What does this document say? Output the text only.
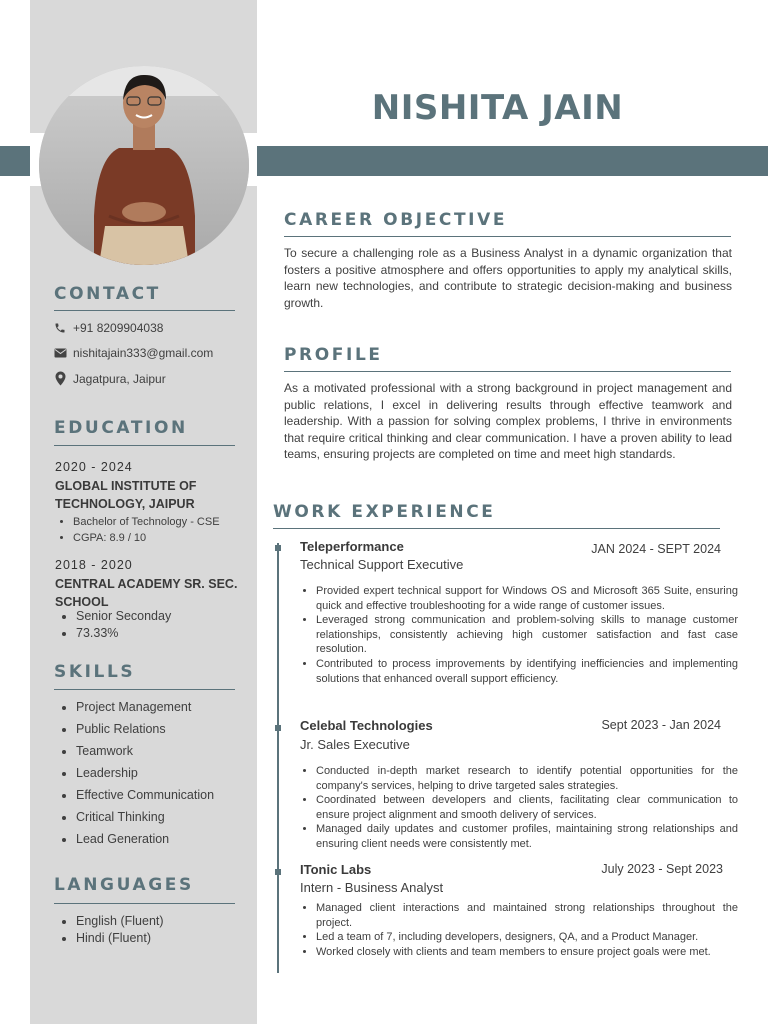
NISHITA JAIN
CONTACT
+91 8209904038
nishitajain333@gmail.com
Jagatpura, Jaipur
EDUCATION
2020 - 2024
GLOBAL INSTITUTE OF TECHNOLOGY, JAIPUR
• Bachelor of Technology - CSE
• CGPA: 8.9 / 10
2018 - 2020
CENTRAL ACADEMY SR. SEC. SCHOOL
• Senior Seconday
• 73.33%
SKILLS
• Project Management
• Public Relations
• Teamwork
• Leadership
• Effective Communication
• Critical Thinking
• Lead Generation
LANGUAGES
• English (Fluent)
• Hindi (Fluent)
CAREER OBJECTIVE

To secure a challenging role as a Business Analyst in a dynamic organization that fosters a positive atmosphere and offers opportunities to apply my analytical skills, learn new technologies, and contribute to strategic decision-making and business growth.

PROFILE

As a motivated professional with a strong background in project management and public relations, I excel in delivering results through effective teamwork and leadership. With a passion for solving complex problems, I thrive in environments that require critical thinking and clear communication. I have a proven ability to lead teams, ensuring projects are completed on time and meet high standards.

WORK EXPERIENCE
Teleperformance
Technical Support Executive
JAN 2024 - SEPT 2024
• Provided expert technical support for Windows OS and Microsoft 365 Suite, ensuring quick and effective troubleshooting for a wide range of customer issues.
• Leveraged strong communication and problem-solving skills to manage customer relationships, consistently achieving high customer satisfaction and fast case resolution.
• Contributed to process improvements by identifying inefficiencies and implementing solutions that enhanced overall support efficiency.
Celebal Technologies
Jr. Sales Executive
Sept 2023 - Jan 2024
• Conducted in-depth market research to identify potential opportunities for the company's services, helping to drive targeted sales strategies.
• Coordinated between developers and clients, facilitating clear communication to ensure project alignment and smooth delivery of services.
• Managed daily updates and customer profiles, maintaining strong relationships and ensuring client needs were consistently met.
ITonic Labs
Intern - Business Analyst
July 2023 - Sept 2023
• Managed client interactions and maintained strong relationships throughout the project.
• Led a team of 7, including developers, designers, QA, and a Product Manager.
• Worked closely with clients and team members to ensure project goals were met.
